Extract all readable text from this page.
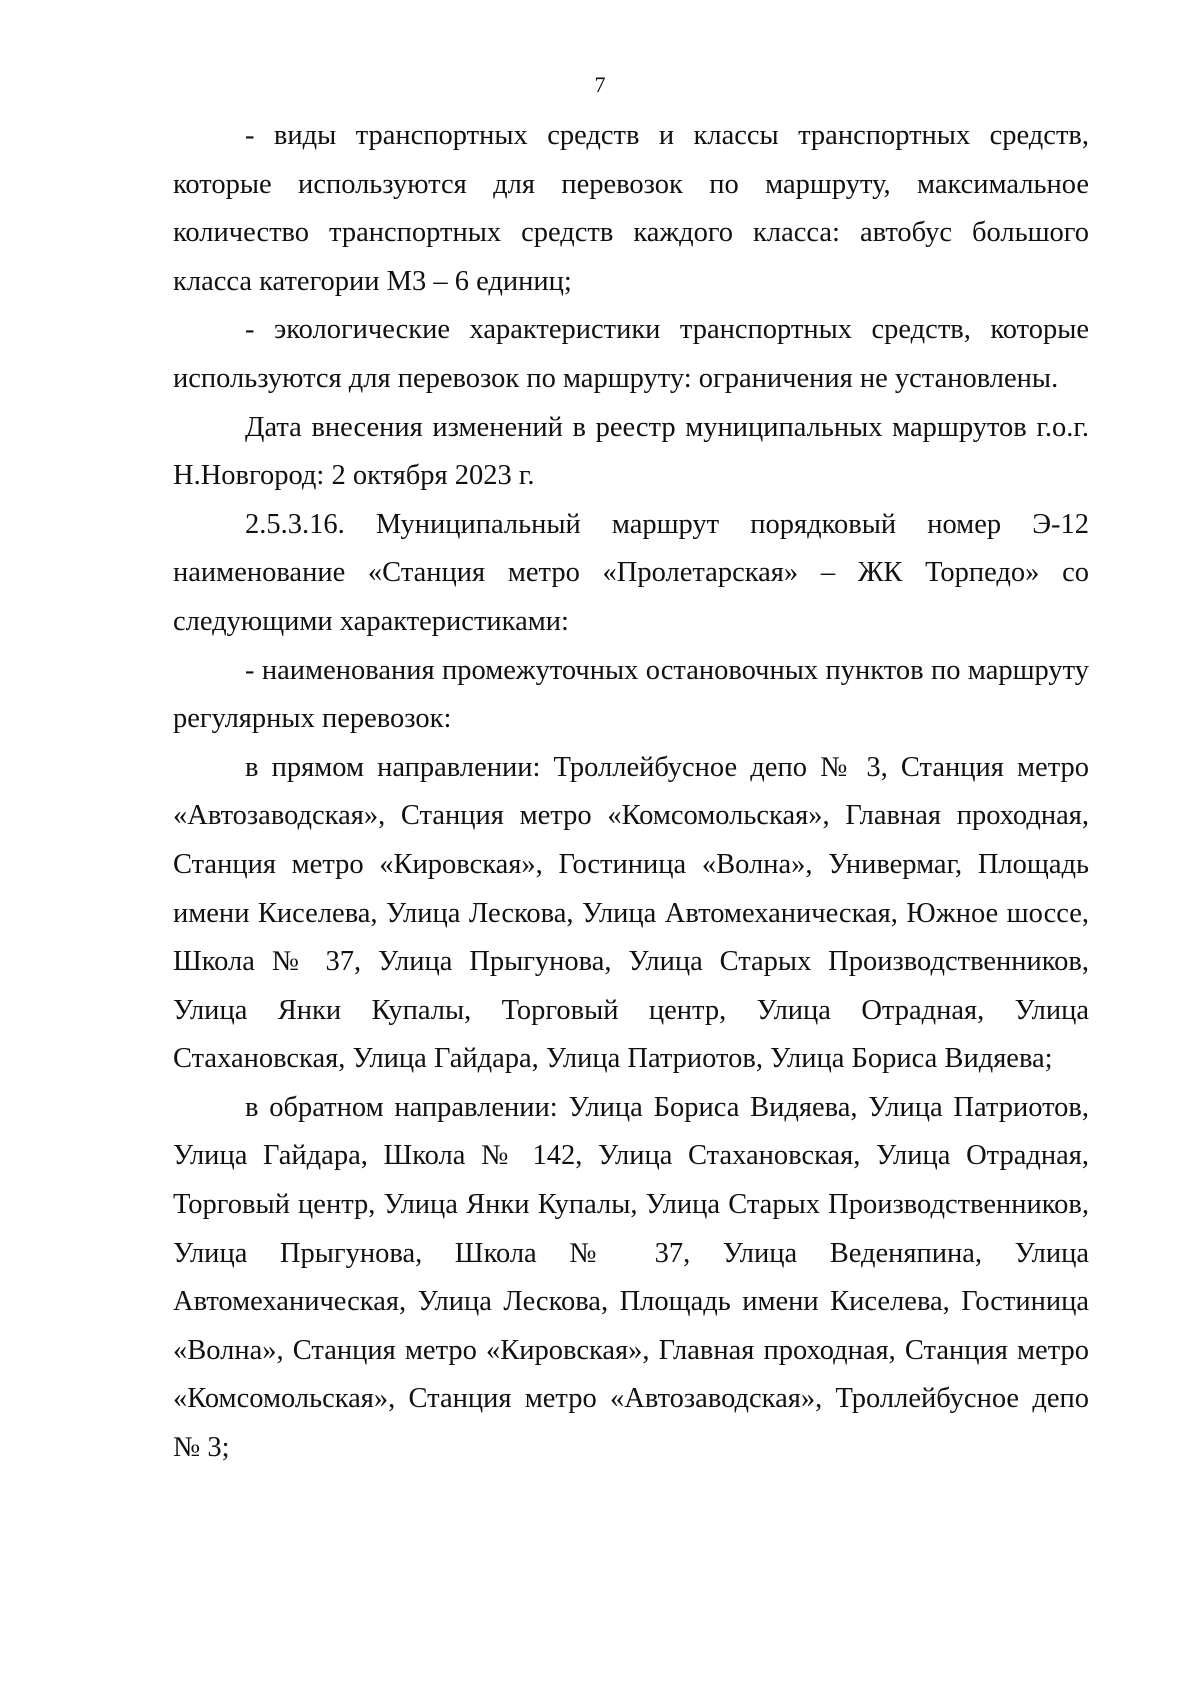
7

- виды транспортных средств и классы транспортных средств, которые используются для перевозок по маршруту, максимальное количество транспортных средств каждого класса: автобус большого класса категории М3 – 6 единиц;

- экологические характеристики транспортных средств, которые используются для перевозок по маршруту: ограничения не установлены.

Дата внесения изменений в реестр муниципальных маршрутов г.о.г. Н.Новгород: 2 октября 2023 г.

2.5.3.16. Муниципальный маршрут порядковый номер Э-12 наименование «Станция метро «Пролетарская» – ЖК Торпедо» со следующими характеристиками:

- наименования промежуточных остановочных пунктов по маршруту регулярных перевозок:

в прямом направлении: Троллейбусное депо № 3, Станция метро «Автозаводская», Станция метро «Комсомольская», Главная проходная, Станция метро «Кировская», Гостиница «Волна», Универмаг, Площадь имени Киселева, Улица Лескова, Улица Автомеханическая, Южное шоссе, Школа № 37, Улица Прыгунова, Улица Старых Производственников, Улица Янки Купалы, Торговый центр, Улица Отрадная, Улица Стахановская, Улица Гайдара, Улица Патриотов, Улица Бориса Видяева;

в обратном направлении: Улица Бориса Видяева, Улица Патриотов, Улица Гайдара, Школа № 142, Улица Стахановская, Улица Отрадная, Торговый центр, Улица Янки Купалы, Улица Старых Производственников, Улица Прыгунова, Школа № 37, Улица Веденяпина, Улица Автомеханическая, Улица Лескова, Площадь имени Киселева, Гостиница «Волна», Станция метро «Кировская», Главная проходная, Станция метро «Комсомольская», Станция метро «Автозаводская», Троллейбусное депо № 3;
